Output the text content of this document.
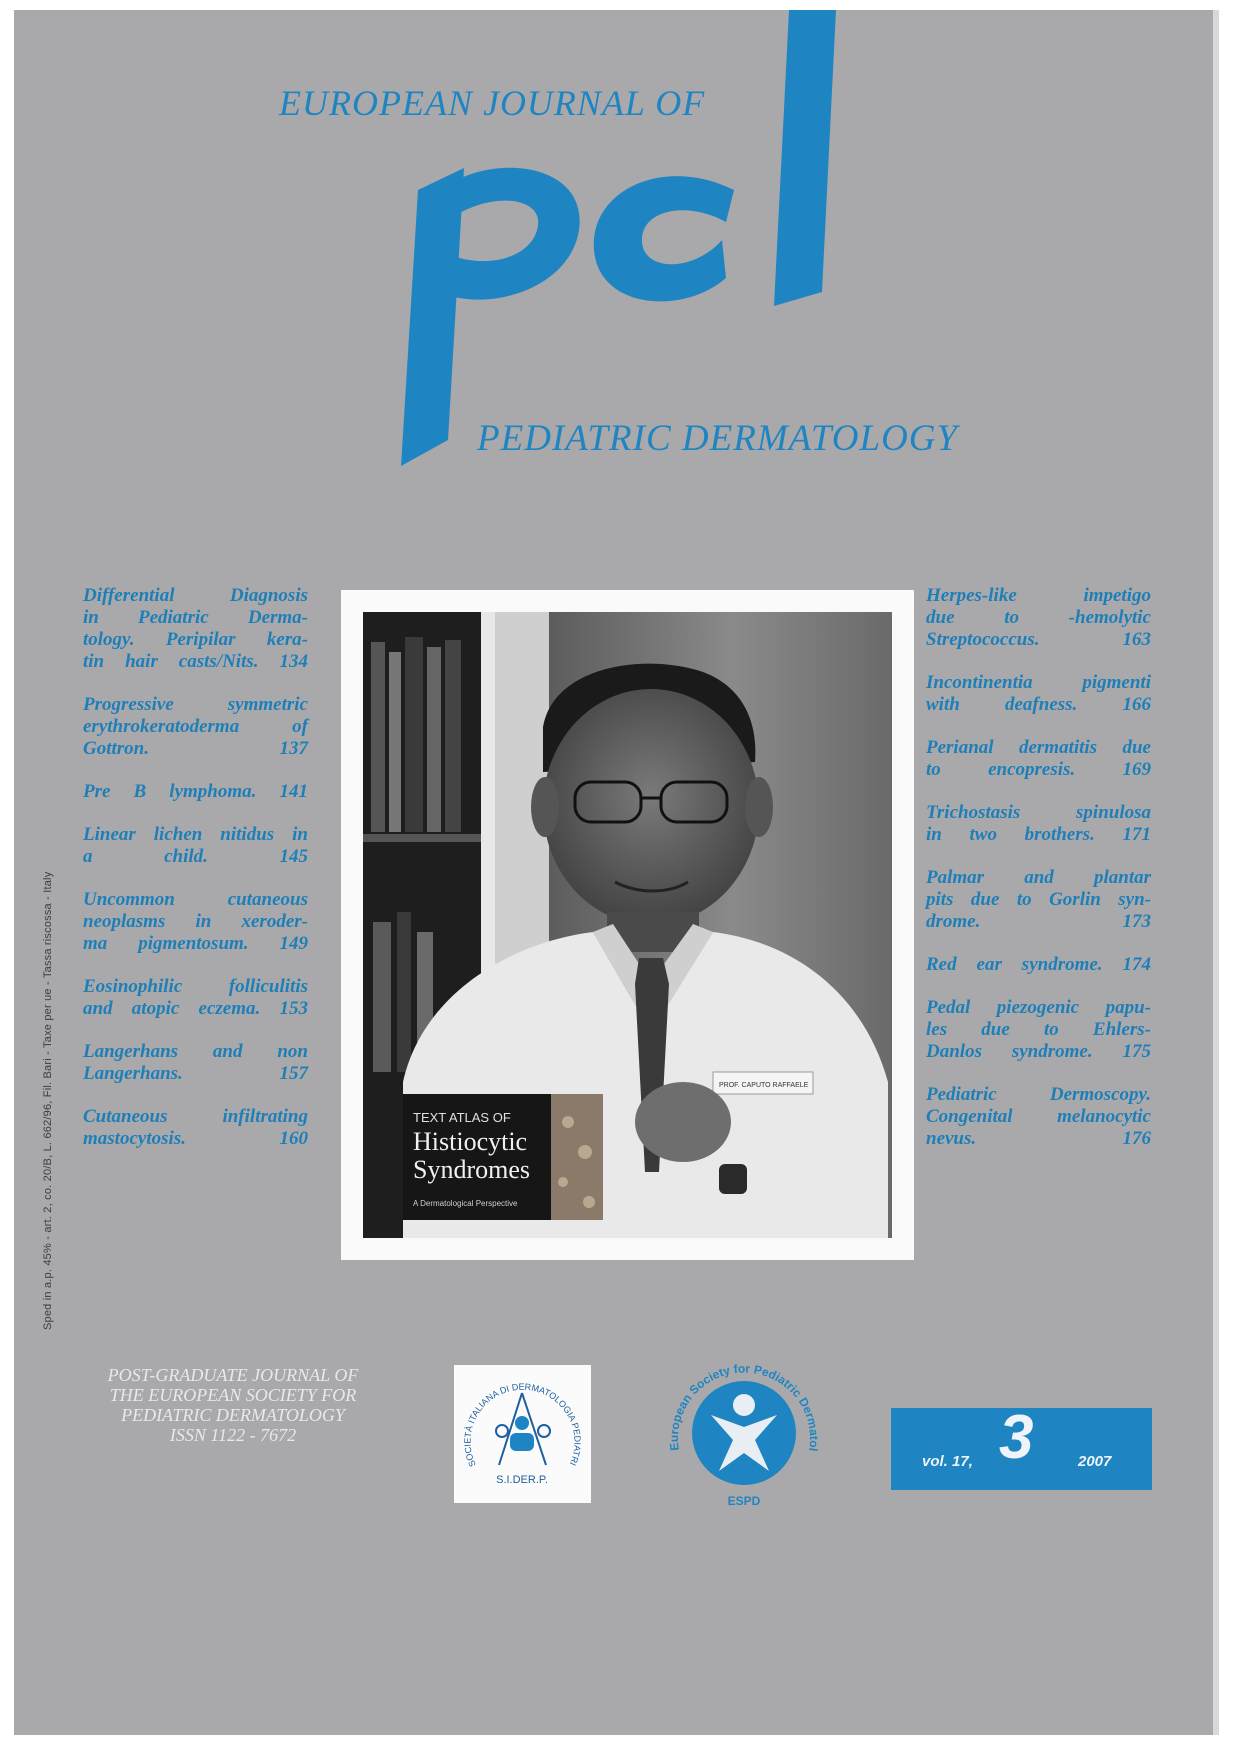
EUROPEAN JOURNAL OF
PEDIATRIC DERMATOLOGY
Sped in a.p. 45% - art. 2, co. 20/B, L. 662/96, Fil. Bari - Taxe per ue - Tassa riscossa - Italy
Differential Diagnosis
in Pediatric Derma-
tology. Peripilar kera-
tin hair casts/Nits. 134
Progressive symmetric
erythrokeratoderma of
Gottron. 137
Pre B lymphoma. 141
Linear lichen nitidus in
a child. 145
Uncommon cutaneous
neoplasms in xeroder-
ma pigmentosum. 149
Eosinophilic folliculitis
and atopic eczema. 153
Langerhans and non
Langerhans. 157
Cutaneous infiltrating
mastocytosis. 160
PROF. CAPUTO RAFFAELE
TEXT ATLAS OF
Histiocytic
Syndromes
A Dermatological Perspective
Herpes-like impetigo
due to -hemolytic
Streptococcus. 163
Incontinentia pigmenti
with deafness. 166
Perianal dermatitis due
to encopresis. 169
Trichostasis spinulosa
in two brothers. 171
Palmar and plantar
pits due to Gorlin syn-
drome. 173
Red ear syndrome. 174
Pedal piezogenic papu-
les due to Ehlers-
Danlos syndrome. 175
Pediatric Dermoscopy.
Congenital melanocytic
nevus. 176
POST-GRADUATE JOURNAL OF
THE EUROPEAN SOCIETY FOR
PEDIATRIC DERMATOLOGY
ISSN 1122 - 7672
SOCIETÀ ITALIANA DI DERMATOLOGIA PEDIATRI
S.I.DER.P.
European Society for Pediatric Dermatol
ESPD
vol. 17, 3	2007
